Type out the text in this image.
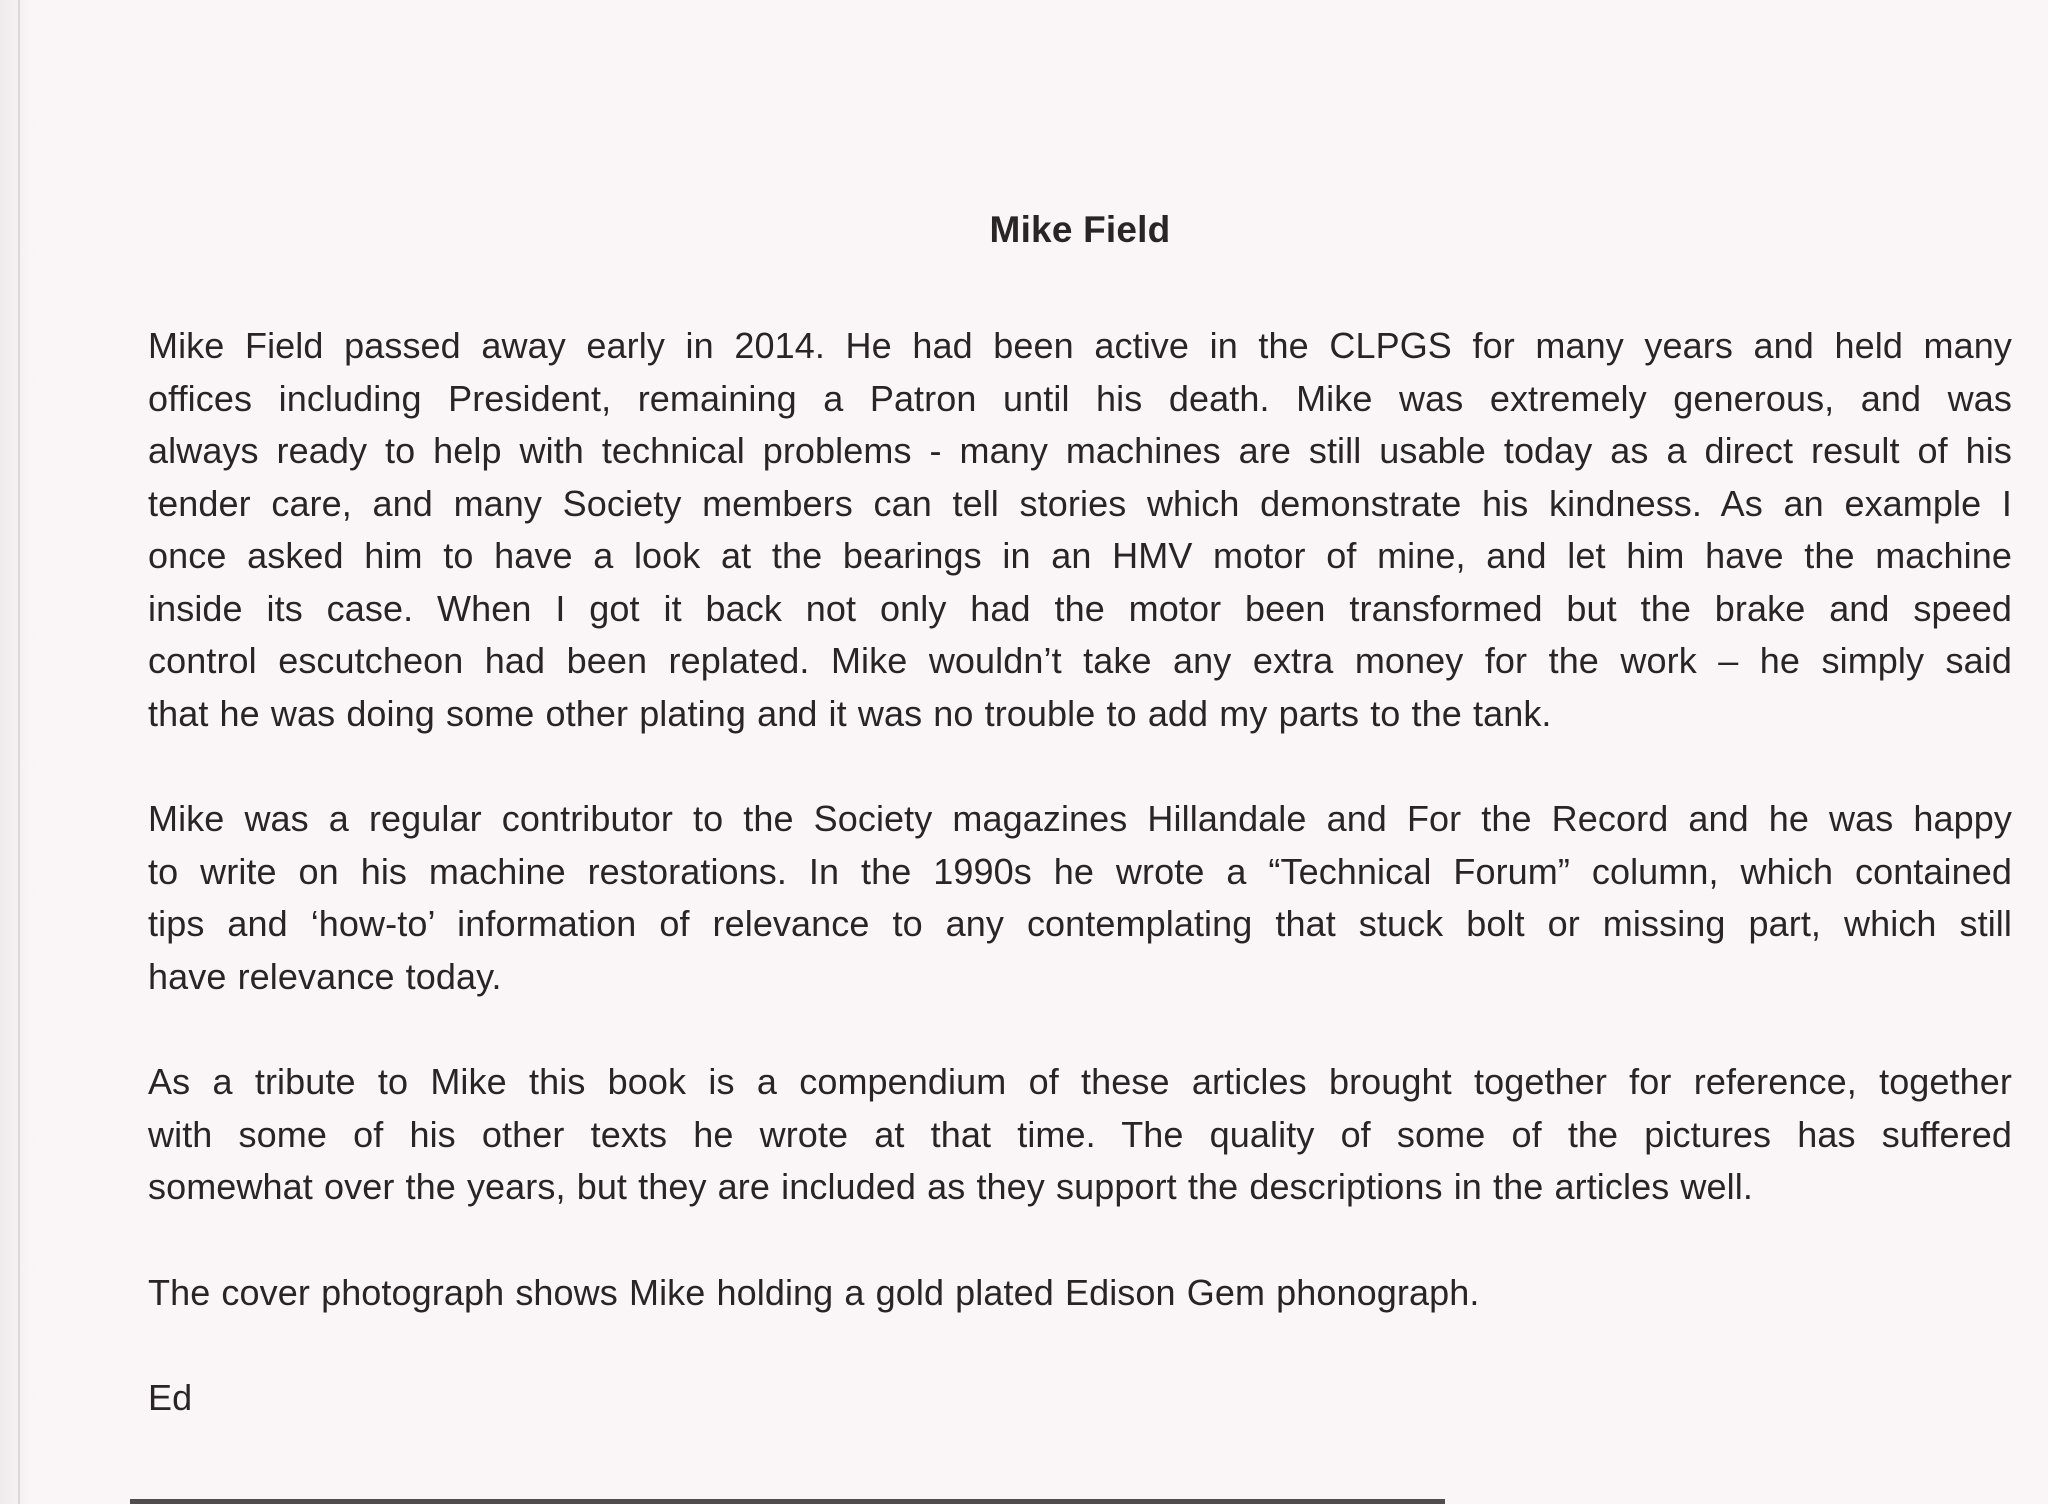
Mike Field
Mike Field passed away early in 2014. He had been active in the CLPGS for many years and held many
offices including President, remaining a Patron until his death. Mike was extremely generous, and was
always ready to help with technical problems - many machines are still usable today as a direct result of his
tender care, and many Society members can tell stories which demonstrate his kindness. As an example I
once asked him to have a look at the bearings in an HMV motor of mine, and let him have the machine
inside its case. When I got it back not only had the motor been transformed but the brake and speed
control escutcheon had been replated. Mike wouldn’t take any extra money for the work – he simply said
that he was doing some other plating and it was no trouble to add my parts to the tank.
Mike was a regular contributor to the Society magazines Hillandale and For the Record and he was happy
to write on his machine restorations. In the 1990s he wrote a “Technical Forum” column, which contained
tips and ‘how-to’ information of relevance to any contemplating that stuck bolt or missing part, which still
have relevance today.
As a tribute to Mike this book is a compendium of these articles brought together for reference, together
with some of his other texts he wrote at that time. The quality of some of the pictures has suffered
somewhat over the years, but they are included as they support the descriptions in the articles well.
The cover photograph shows Mike holding a gold plated Edison Gem phonograph.
Ed
